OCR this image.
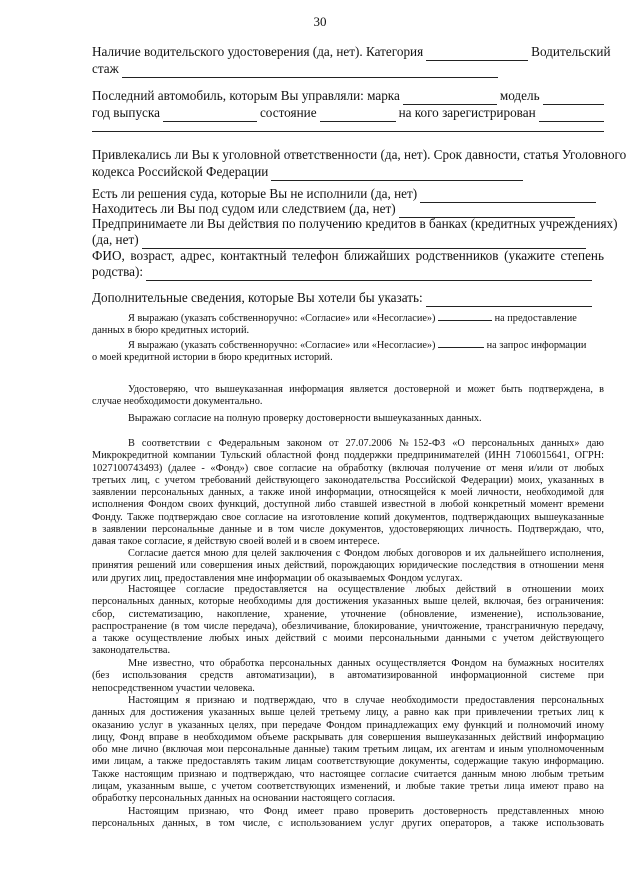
30
Наличие водительского удостоверения (да, нет). Категория	Водительский
стаж
Последний автомобиль, которым Вы управляли: марка	модель
год выпуска	состояние	на кого зарегистрирован
Привлекались ли Вы к уголовной ответственности (да, нет). Срок давности, статья Уголовного
кодекса Российской Федерации
Есть ли решения суда, которые Вы не исполнили (да, нет)
Находитесь ли Вы под судом или следствием (да, нет)
Предпринимаете ли Вы действия по получению кредитов в банках (кредитных учреждениях)
(да, нет)
ФИО, возраст, адрес, контактный телефон ближайших родственников (укажите степень
родства):
Дополнительные сведения, которые Вы хотели бы указать:
Я выражаю (указать собственноручно: «Согласие» или «Несогласие»)	на предоставление
данных в бюро кредитных историй.
Я выражаю (указать собственноручно: «Согласие» или «Несогласие»)	на запрос информации
о моей кредитной истории в бюро кредитных историй.
Удостоверяю, что вышеуказанная информация является достоверной и может быть подтверждена, в
случае необходимости документально.
Выражаю согласие на полную проверку достоверности вышеуказанных данных.
В соответствии с Федеральным законом от 27.07.2006 №152-ФЗ «О персональных данных» даю
Микрокредитной компании Тульский областной фонд поддержки предпринимателей (ИНН 7106015641, ОГРН:
1027100743493) (далее - «Фонд») свое согласие на обработку (включая получение от меня и/или от любых
третьих лиц, с учетом требований действующего законодательства Российской Федерации) моих, указанных в
заявлении персональных данных, а также иной информации, относящейся к моей личности, необходимой для
исполнения Фондом своих функций, доступной либо ставшей известной в любой конкретный момент времени
Фонду. Также подтверждаю свое согласие на изготовление копий документов, подтверждающих вышеуказанные
в заявлении персональные данные и в том числе документов, удостоверяющих личность. Подтверждаю, что,
давая такое согласие, я действую своей волей и в своем интересе.
Согласие дается мною для целей заключения с Фондом любых договоров и их дальнейшего исполнения,
принятия решений или совершения иных действий, порождающих юридические последствия в отношении меня
или других лиц, предоставления мне информации об оказываемых Фондом услугах.
Настоящее согласие предоставляется на осуществление любых действий в отношении моих
персональных данных, которые необходимы для достижения указанных выше целей, включая, без ограничения:
сбор, систематизацию, накопление, хранение, уточнение (обновление, изменение), использование,
распространение (в том числе передача), обезличивание, блокирование, уничтожение, трансграничную передачу,
а также осуществление любых иных действий с моими персональными данными с учетом действующего
законодательства.
Мне известно, что обработка персональных данных осуществляется Фондом на бумажных носителях
(без использования средств автоматизации), в автоматизированной информационной системе при
непосредственном участии человека.
Настоящим я признаю и подтверждаю, что в случае необходимости предоставления персональных
данных для достижения указанных выше целей третьему лицу, а равно как при привлечении третьих лиц к
оказанию услуг в указанных целях, при передаче Фондом принадлежащих ему функций и полномочий иному
лицу, Фонд вправе в необходимом объеме раскрывать для совершения вышеуказанных действий информацию
обо мне лично (включая мои персональные данные) таким третьим лицам, их агентам и иным уполномоченным
ими лицам, а также предоставлять таким лицам соответствующие документы, содержащие такую информацию.
Также настоящим признаю и подтверждаю, что настоящее согласие считается данным мною любым третьим
лицам, указанным выше, с учетом соответствующих изменений, и любые такие третьи лица имеют право на
обработку персональных данных на основании настоящего согласия.
Настоящим признаю, что Фонд имеет право проверить достоверность представленных мною
персональных данных, в том числе, с использованием услуг других операторов, а также использовать
